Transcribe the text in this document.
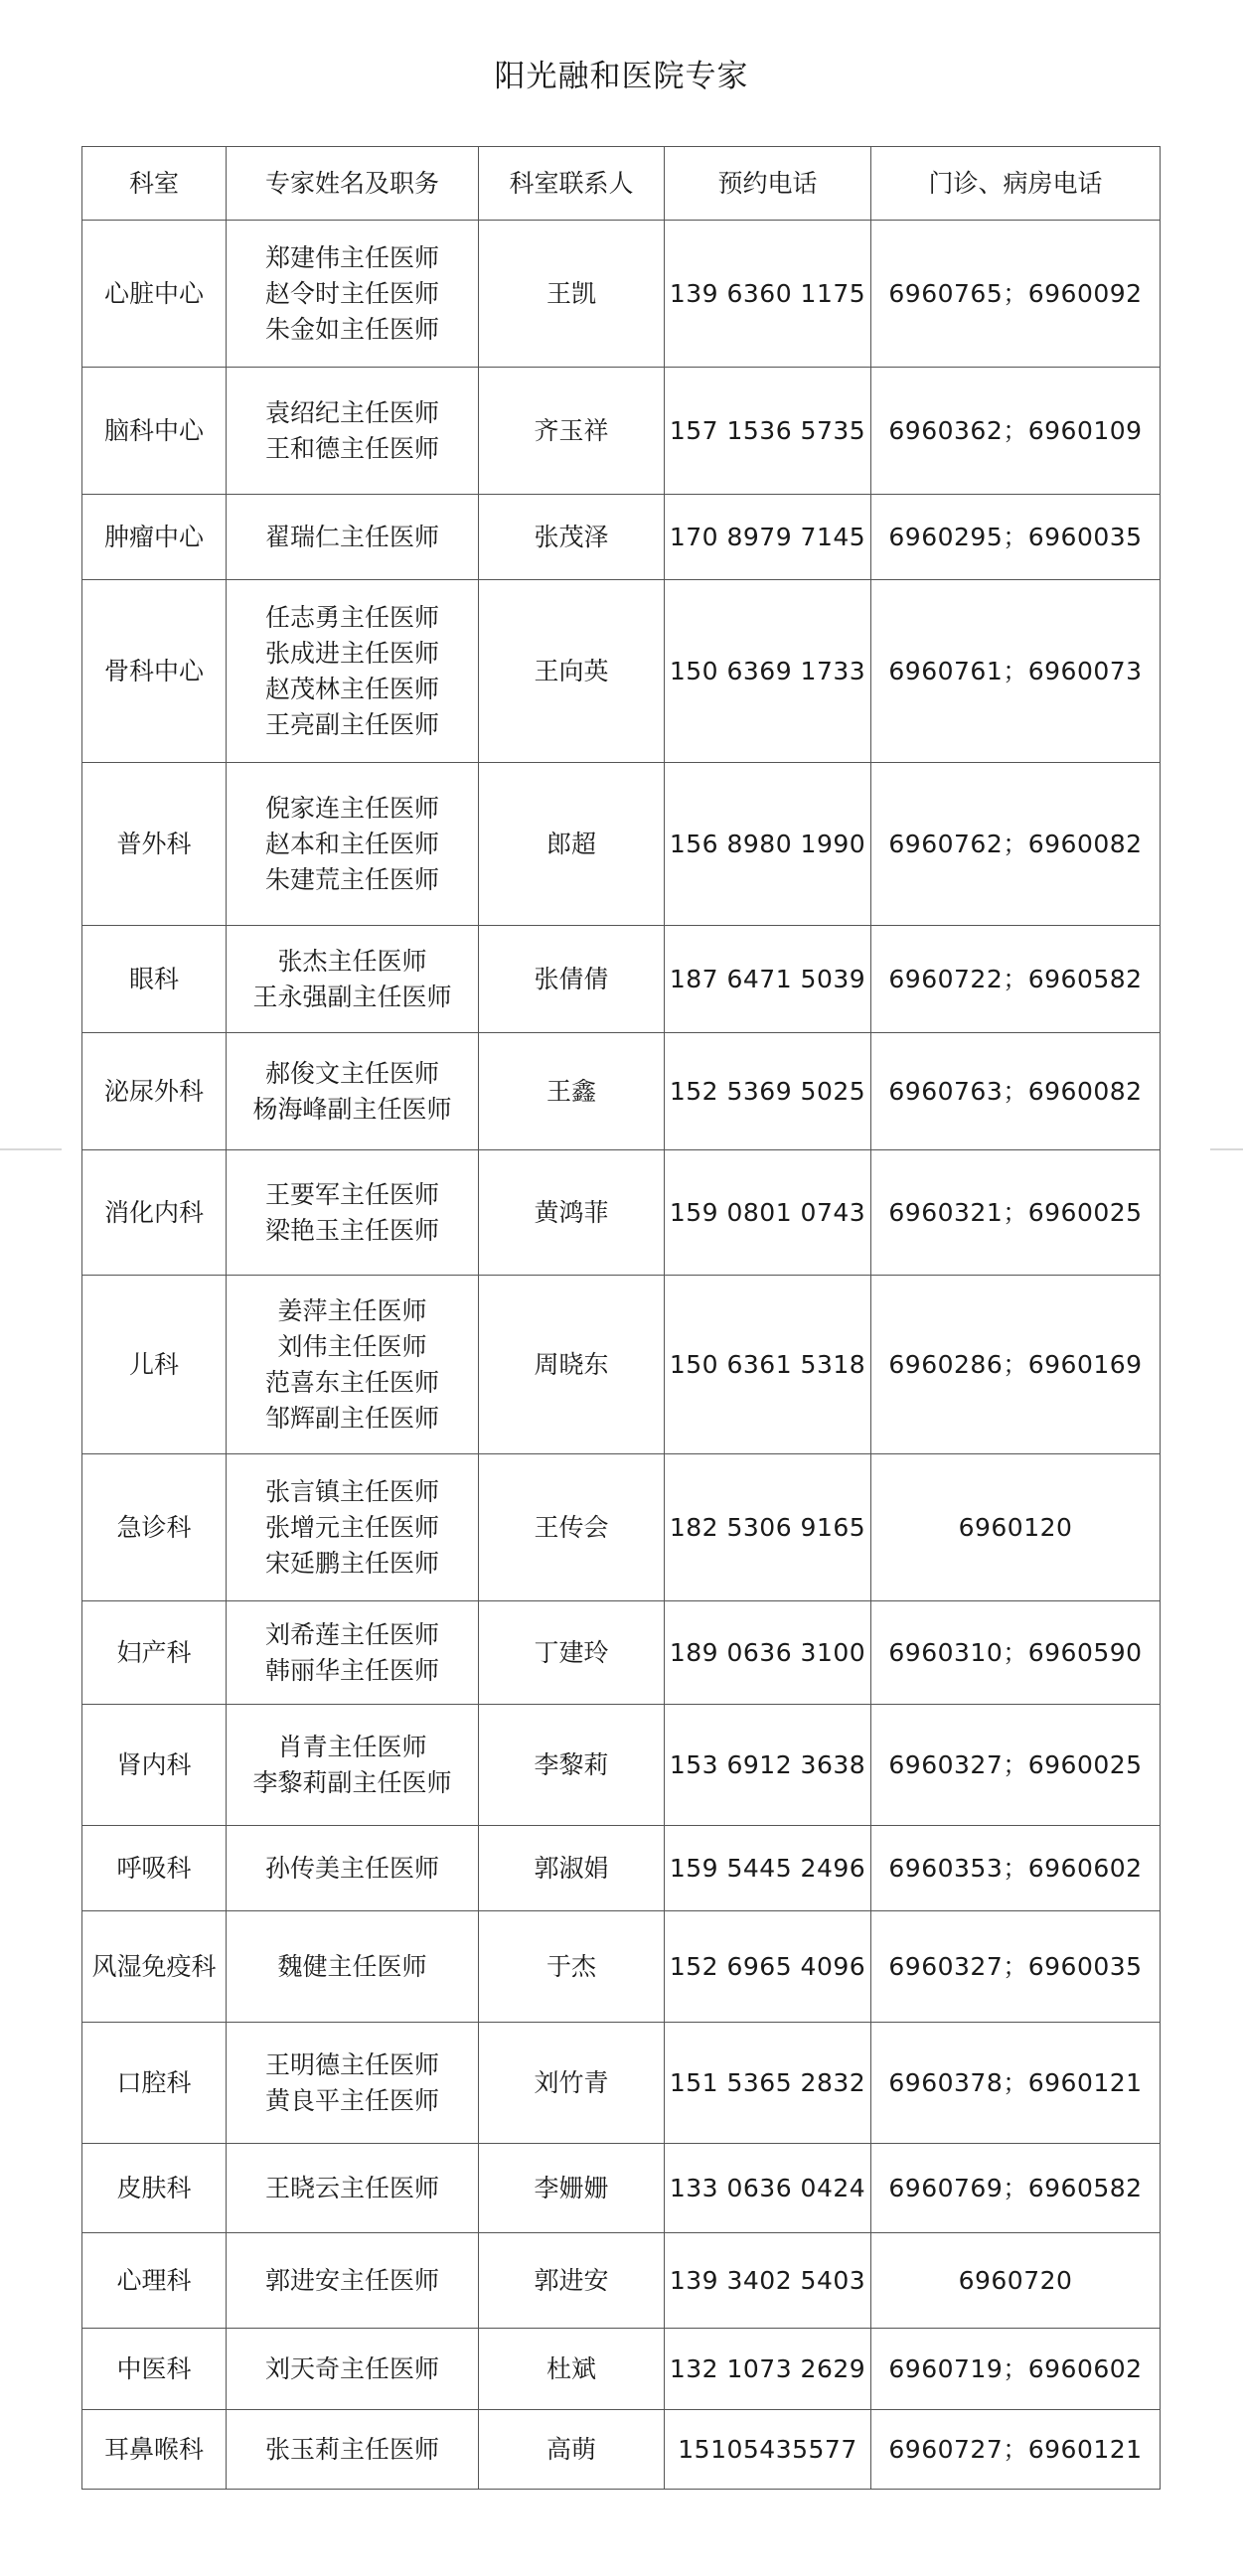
阳光融和医院专家
科室	专家姓名及职务	科室联系人	预约电话	门诊、病房电话

心脏中心	郑建伟主任医师
赵令时主任医师
朱金如主任医师	王凯	139 6360 1175	6960765；6960092

脑科中心	袁绍纪主任医师
王和德主任医师	齐玉祥	157 1536 5735	6960362；6960109

肿瘤中心	翟瑞仁主任医师	张茂泽	170 8979 7145	6960295；6960035

骨科中心	任志勇主任医师
张成进主任医师
赵茂林主任医师
王亮副主任医师	王向英	150 6369 1733	6960761；6960073

普外科	倪家连主任医师
赵本和主任医师
朱建荒主任医师	郎超	156 8980 1990	6960762；6960082

眼科	张杰主任医师
王永强副主任医师	张倩倩	187 6471 5039	6960722；6960582

泌尿外科	郝俊文主任医师
杨海峰副主任医师	王鑫	152 5369 5025	6960763；6960082

消化内科	王要军主任医师
梁艳玉主任医师	黄鸿菲	159 0801 0743	6960321；6960025

儿科	姜萍主任医师
刘伟主任医师
范喜东主任医师
邹辉副主任医师	周晓东	150 6361 5318	6960286；6960169

急诊科	张言镇主任医师
张增元主任医师
宋延鹏主任医师	王传会	182 5306 9165	6960120

妇产科	刘希莲主任医师
韩丽华主任医师	丁建玲	189 0636 3100	6960310；6960590

肾内科	肖青主任医师
李黎莉副主任医师	李黎莉	153 6912 3638	6960327；6960025

呼吸科	孙传美主任医师	郭淑娟	159 5445 2496	6960353；6960602

风湿免疫科	魏健主任医师	于杰	152 6965 4096	6960327；6960035

口腔科	王明德主任医师
黄良平主任医师	刘竹青	151 5365 2832	6960378；6960121

皮肤科	王晓云主任医师	李姗姗	133 0636 0424	6960769；6960582

心理科	郭进安主任医师	郭进安	139 3402 5403	6960720

中医科	刘天奇主任医师	杜斌	132 1073 2629	6960719；6960602

耳鼻喉科	张玉莉主任医师	高萌	15105435577	6960727；6960121
